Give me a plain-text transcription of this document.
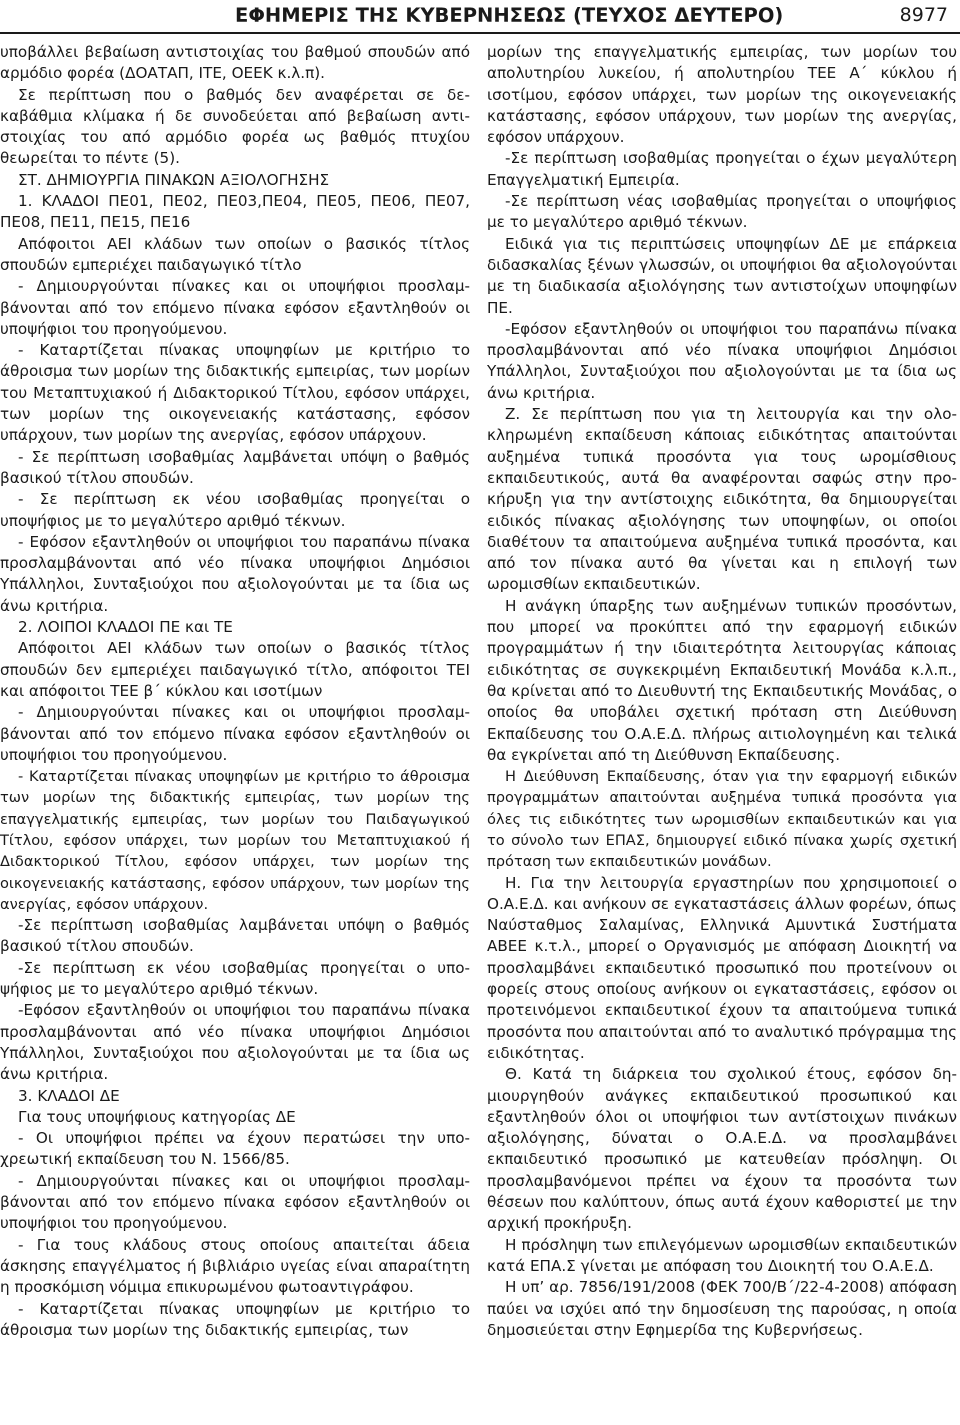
ΕΦΗΜΕΡΙΣ ΤΗΣ ΚΥΒΕΡΝΗΣΕΩΣ (ΤΕΥΧΟΣ ΔΕΥΤΕΡΟ)	8977

υποβάλλει βεβαίωση αντιστοιχίας του βαθμού σπουδών από αρμόδιο φορέα (ΔΟΑΤΑΠ, ΙΤΕ, ΟΕΕΚ κ.λ.π).

Σε περίπτωση που ο βαθμός δεν αναφέρεται σε δεκαβάθμια κλίμακα ή δε συνοδεύεται από βεβαίωση αντιστοιχίας του από αρμόδιο φορέα ως βαθμός πτυχίου θεωρείται το πέντε (5).

ΣΤ. ΔΗΜΙΟΥΡΓΙΑ ΠΙΝΑΚΩΝ ΑΞΙΟΛΟΓΗΣΗΣ

1. ΚΛΑΔΟΙ ΠΕ01, ΠΕ02, ΠΕ03,ΠΕ04, ΠΕ05, ΠΕ06, ΠΕ07, ΠΕ08, ΠΕ11, ΠΕ15, ΠΕ16

Απόφοιτοι ΑΕΙ κλάδων των οποίων ο βασικός τίτλος σπουδών εμπεριέχει παιδαγωγικό τίτλο

- Δημιουργούνται πίνακες και οι υποψήφιοι προσλαμβάνονται από τον επόμενο πίνακα εφόσον εξαντληθούν οι υποψήφιοι του προηγούμενου.

- Καταρτίζεται πίνακας υποψηφίων με κριτήριο το άθροισμα των μορίων της διδακτικής εμπειρίας, των μορίων του Μεταπτυχιακού ή Διδακτορικού Τίτλου, εφόσον υπάρχει, των μορίων της οικογενειακής κατάστασης, εφόσον υπάρχουν, των μορίων της ανεργίας, εφόσον υπάρχουν.

- Σε περίπτωση ισοβαθμίας λαμβάνεται υπόψη ο βαθμός βασικού τίτλου σπουδών.

- Σε περίπτωση εκ νέου ισοβαθμίας προηγείται ο υποψήφιος με το μεγαλύτερο αριθμό τέκνων.

- Εφόσον εξαντληθούν οι υποψήφιοι του παραπάνω πίνακα προσλαμβάνονται από νέο πίνακα υποψήφιοι Δημόσιοι Υπάλληλοι, Συνταξιούχοι που αξιολογούνται με τα ίδια ως άνω κριτήρια.

2. ΛΟΙΠΟΙ ΚΛΑΔΟΙ ΠΕ και ΤΕ

Απόφοιτοι ΑΕΙ κλάδων των οποίων ο βασικός τίτλος σπουδών δεν εμπεριέχει παιδαγωγικό τίτλο, απόφοιτοι ΤΕΙ και απόφοιτοι ΤΕΕ β΄ κύκλου και ισοτίμων

- Δημιουργούνται πίνακες και οι υποψήφιοι προσλαμβάνονται από τον επόμενο πίνακα εφόσον εξαντληθούν οι υποψήφιοι του προηγούμενου.

- Καταρτίζεται πίνακας υποψηφίων με κριτήριο το άθροισμα των μορίων της διδακτικής εμπειρίας, των μορίων της επαγγελματικής εμπειρίας, των μορίων του Παιδαγωγικού Τίτλου, εφόσον υπάρχει, των μορίων του Μεταπτυχιακού ή Διδακτορικού Τίτλου, εφόσον υπάρχει, των μορίων της οικογενειακής κατάστασης, εφόσον υπάρχουν, των μορίων της ανεργίας, εφόσον υπάρχουν.

-Σε περίπτωση ισοβαθμίας λαμβάνεται υπόψη ο βαθμός βασικού τίτλου σπουδών.

-Σε περίπτωση εκ νέου ισοβαθμίας προηγείται ο υποψήφιος με το μεγαλύτερο αριθμό τέκνων.

-Εφόσον εξαντληθούν οι υποψήφιοι του παραπάνω πίνακα προσλαμβάνονται από νέο πίνακα υποψήφιοι Δημόσιοι Υπάλληλοι, Συνταξιούχοι που αξιολογούνται με τα ίδια ως άνω κριτήρια.

3. ΚΛΑΔΟΙ ΔΕ

Για τους υποψήφιους κατηγορίας ΔΕ

- Οι υποψήφιοι πρέπει να έχουν περατώσει την υποχρεωτική εκπαίδευση του Ν. 1566/85.

- Δημιουργούνται πίνακες και οι υποψήφιοι προσλαμβάνονται από τον επόμενο πίνακα εφόσον εξαντληθούν οι υποψήφιοι του προηγούμενου.

- Για τους κλάδους στους οποίους απαιτείται άδεια άσκησης επαγγέλματος ή βιβλιάριο υγείας είναι απαραίτητη η προσκόμιση νόμιμα επικυρωμένου φωτοαντιγράφου.

- Καταρτίζεται πίνακας υποψηφίων με κριτήριο το άθροισμα των μορίων της διδακτικής εμπειρίας, των

μορίων της επαγγελματικής εμπειρίας, των μορίων του απολυτηρίου λυκείου, ή απολυτηρίου ΤΕΕ Α΄ κύκλου ή ισοτίμου, εφόσον υπάρχει, των μορίων της οικογενειακής κατάστασης, εφόσον υπάρχουν, των μορίων της ανεργίας, εφόσον υπάρχουν.

-Σε περίπτωση ισοβαθμίας προηγείται ο έχων μεγαλύτερη Επαγγελματική Εμπειρία.

-Σε περίπτωση νέας ισοβαθμίας προηγείται ο υποψήφιος με το μεγαλύτερο αριθμό τέκνων.

Ειδικά για τις περιπτώσεις υποψηφίων ΔΕ με επάρκεια διδασκαλίας ξένων γλωσσών, οι υποψήφιοι θα αξιολογούνται με τη διαδικασία αξιολόγησης των αντιστοίχων υποψηφίων ΠΕ.

-Εφόσον εξαντληθούν οι υποψήφιοι του παραπάνω πίνακα προσλαμβάνονται από νέο πίνακα υποψήφιοι Δημόσιοι Υπάλληλοι, Συνταξιούχοι που αξιολογούνται με τα ίδια ως άνω κριτήρια.

Ζ. Σε περίπτωση που για τη λειτουργία και την ολοκληρωμένη εκπαίδευση κάποιας ειδικότητας απαιτούνται αυξημένα τυπικά προσόντα για τους ωρομίσθιους εκπαιδευτικούς, αυτά θα αναφέρονται σαφώς στην προκήρυξη για την αντίστοιχης ειδικότητα, θα δημιουργείται ειδικός πίνακας αξιολόγησης των υποψηφίων, οι οποίοι διαθέτουν τα απαιτούμενα αυξημένα τυπικά προσόντα, και από τον πίνακα αυτό θα γίνεται και η επιλογή των ωρομισθίων εκπαιδευτικών.

Η ανάγκη ύπαρξης των αυξημένων τυπικών προσόντων, που μπορεί να προκύπτει από την εφαρμογή ειδικών προγραμμάτων ή την ιδιαιτερότητα λειτουργίας κάποιας ειδικότητας σε συγκεκριμένη Εκπαιδευτική Μονάδα κ.λ.π., θα κρίνεται από το Διευθυντή της Εκπαιδευτικής Μονάδας, ο οποίος θα υποβάλει σχετική πρόταση στη Διεύθυνση Εκπαίδευσης του Ο.Α.Ε.Δ. πλήρως αιτιολογημένη και τελικά θα εγκρίνεται από τη Διεύθυνση Εκπαίδευσης.

Η Διεύθυνση Εκπαίδευσης, όταν για την εφαρμογή ειδικών προγραμμάτων απαιτούνται αυξημένα τυπικά προσόντα για όλες τις ειδικότητες των ωρομισθίων εκπαιδευτικών και για το σύνολο των ΕΠΑΣ, δημιουργεί ειδικό πίνακα χωρίς σχετική πρόταση των εκπαιδευτικών μονάδων.

Η. Για την λειτουργία εργαστηρίων που χρησιμοποιεί ο Ο.Α.Ε.Δ. και ανήκουν σε εγκαταστάσεις άλλων φορέων, όπως Ναύσταθμος Σαλαμίνας, Ελληνικά Αμυντικά Συστήματα ΑΒΕΕ κ.τ.λ., μπορεί ο Οργανισμός με απόφαση Διοικητή να προσλαμβάνει εκπαιδευτικό προσωπικό που προτείνουν οι φορείς στους οποίους ανήκουν οι εγκαταστάσεις, εφόσον οι προτεινόμενοι εκπαιδευτικοί έχουν τα απαιτούμενα τυπικά προσόντα που απαιτούνται από το αναλυτικό πρόγραμμα της ειδικότητας.

Θ. Κατά τη διάρκεια του σχολικού έτους, εφόσον δημιουργηθούν ανάγκες εκπαιδευτικού προσωπικού και εξαντληθούν όλοι οι υποψήφιοι των αντίστοιχων πινάκων αξιολόγησης, δύναται ο Ο.Α.Ε.Δ. να προσλαμβάνει εκπαιδευτικό προσωπικό με κατευθείαν πρόσληψη. Οι προσλαμβανόμενοι πρέπει να έχουν τα προσόντα των θέσεων που καλύπτουν, όπως αυτά έχουν καθοριστεί με την αρχική προκήρυξη.

Η πρόσληψη των επιλεγόμενων ωρομισθίων εκπαιδευτικών κατά ΕΠΑ.Σ γίνεται με απόφαση του Διοικητή του Ο.Α.Ε.Δ.

Η υπ’ αρ. 7856/191/2008 (ΦΕΚ 700/Β΄/22-4-2008) απόφαση παύει να ισχύει από την δημοσίευση της παρούσας, η οποία δημοσιεύεται στην Εφημερίδα της Κυβερνήσεως.
